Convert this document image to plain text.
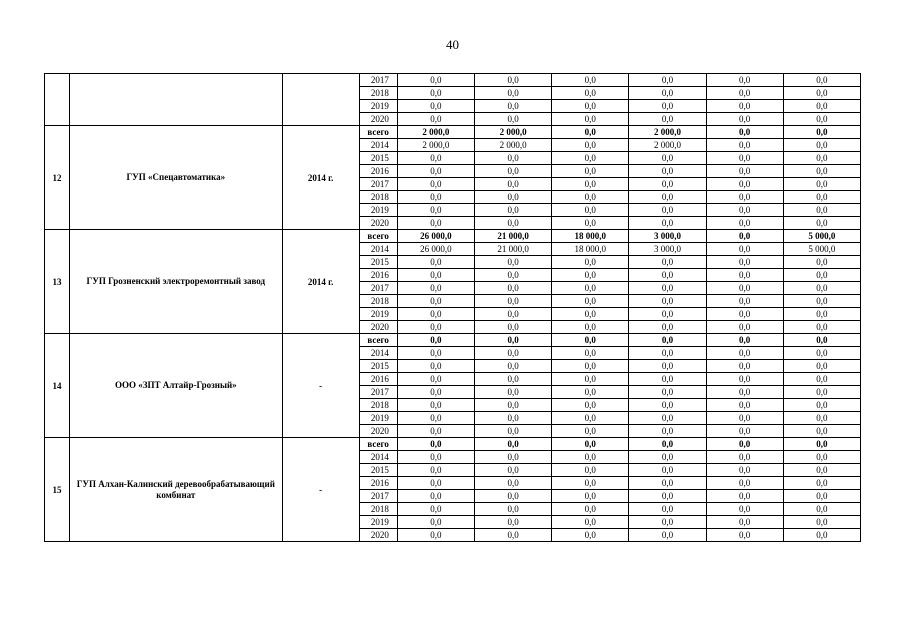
40
			2017	0,0	0,0	0,0	0,0	0,0	0,0
			2018	0,0	0,0	0,0	0,0	0,0	0,0
			2019	0,0	0,0	0,0	0,0	0,0	0,0
			2020	0,0	0,0	0,0	0,0	0,0	0,0
12	ГУП «Спецавтоматика»	2014 г.	всего	2 000,0	2 000,0	0,0	2 000,0	0,0	0,0
			2014	2 000,0	2 000,0	0,0	2 000,0	0,0	0,0
			2015	0,0	0,0	0,0	0,0	0,0	0,0
			2016	0,0	0,0	0,0	0,0	0,0	0,0
			2017	0,0	0,0	0,0	0,0	0,0	0,0
			2018	0,0	0,0	0,0	0,0	0,0	0,0
			2019	0,0	0,0	0,0	0,0	0,0	0,0
			2020	0,0	0,0	0,0	0,0	0,0	0,0
13	ГУП Грозненский электроремонтный завод	2014 г.	всего	26 000,0	21 000,0	18 000,0	3 000,0	0,0	5 000,0
			2014	26 000,0	21 000,0	18 000,0	3 000,0	0,0	5 000,0
			2015	0,0	0,0	0,0	0,0	0,0	0,0
			2016	0,0	0,0	0,0	0,0	0,0	0,0
			2017	0,0	0,0	0,0	0,0	0,0	0,0
			2018	0,0	0,0	0,0	0,0	0,0	0,0
			2019	0,0	0,0	0,0	0,0	0,0	0,0
			2020	0,0	0,0	0,0	0,0	0,0	0,0
14	ООО «ЗПТ Алтайр-Грозный»	-	всего	0,0	0,0	0,0	0,0	0,0	0,0
			2014	0,0	0,0	0,0	0,0	0,0	0,0
			2015	0,0	0,0	0,0	0,0	0,0	0,0
			2016	0,0	0,0	0,0	0,0	0,0	0,0
			2017	0,0	0,0	0,0	0,0	0,0	0,0
			2018	0,0	0,0	0,0	0,0	0,0	0,0
			2019	0,0	0,0	0,0	0,0	0,0	0,0
			2020	0,0	0,0	0,0	0,0	0,0	0,0
15	ГУП Алхан-Калинский деревообрабатывающий комбинат	-	всего	0,0	0,0	0,0	0,0	0,0	0,0
			2014	0,0	0,0	0,0	0,0	0,0	0,0
			2015	0,0	0,0	0,0	0,0	0,0	0,0
			2016	0,0	0,0	0,0	0,0	0,0	0,0
			2017	0,0	0,0	0,0	0,0	0,0	0,0
			2018	0,0	0,0	0,0	0,0	0,0	0,0
			2019	0,0	0,0	0,0	0,0	0,0	0,0
			2020	0,0	0,0	0,0	0,0	0,0	0,0
